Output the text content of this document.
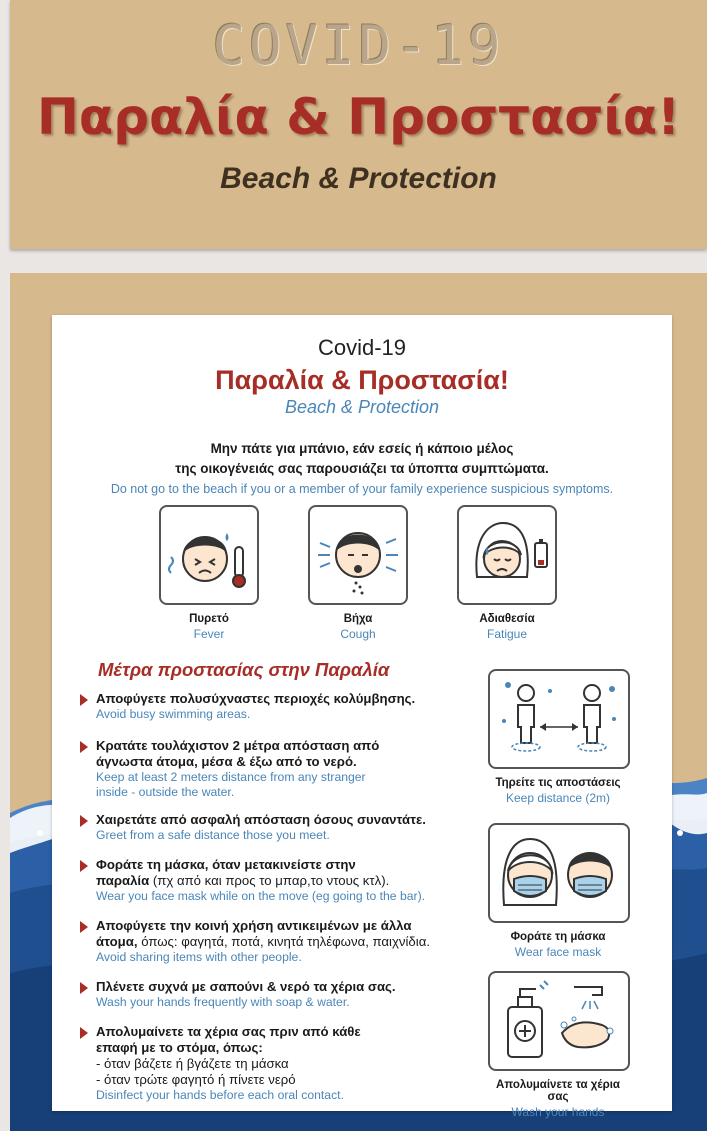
COVID-19
Παραλία & Προστασία!
Beach & Protection
Covid-19
Παραλία & Προστασία!
Beach & Protection
Μην πάτε για μπάνιο, εάν εσείς ή κάποιο μέλος
της οικογένειάς σας παρουσιάζει τα ύποπτα συμπτώματα.
Do not go to the beach if you or a member of your family experience suspicious symptoms.
Πυρετό
Fever
Βήχα
Cough
Αδιαθεσία
Fatigue
Μέτρα προστασίας στην Παραλία
Αποφύγετε πολυσύχναστες περιοχές κολύμβησης.
Avoid busy swimming areas.
Κρατάτε τουλάχιστον 2 μέτρα απόσταση από
άγνωστα άτομα, μέσα & έξω από το νερό.
Keep at least 2 meters distance from any stranger
inside - outside the water.
Χαιρετάτε από ασφαλή απόσταση όσους συναντάτε.
Greet from a safe distance those you meet.
Φοράτε τη μάσκα, όταν μετακινείστε στην
παραλία (πχ από και προς το μπαρ,το ντους κτλ).
Wear you face mask while on the move (eg going to the bar).
Αποφύγετε την κοινή χρήση αντικειμένων με άλλα
άτομα, όπως: φαγητά, ποτά, κινητά τηλέφωνα, παιχνίδια.
Avoid sharing items with other people.
Πλένετε συχνά με σαπούνι & νερό τα χέρια σας.
Wash your hands frequently with soap & water.
Απολυμαίνετε τα χέρια σας πριν από κάθε
επαφή με το στόμα, όπως:
- όταν βάζετε ή βγάζετε τη μάσκα
- όταν τρώτε φαγητό ή πίνετε νερό
Disinfect your hands before each oral contact.
Τηρείτε τις αποστάσεις
Keep distance (2m)
Φοράτε τη μάσκα
Wear face mask
Απολυμαίνετε τα χέρια σας
Wash your hands
